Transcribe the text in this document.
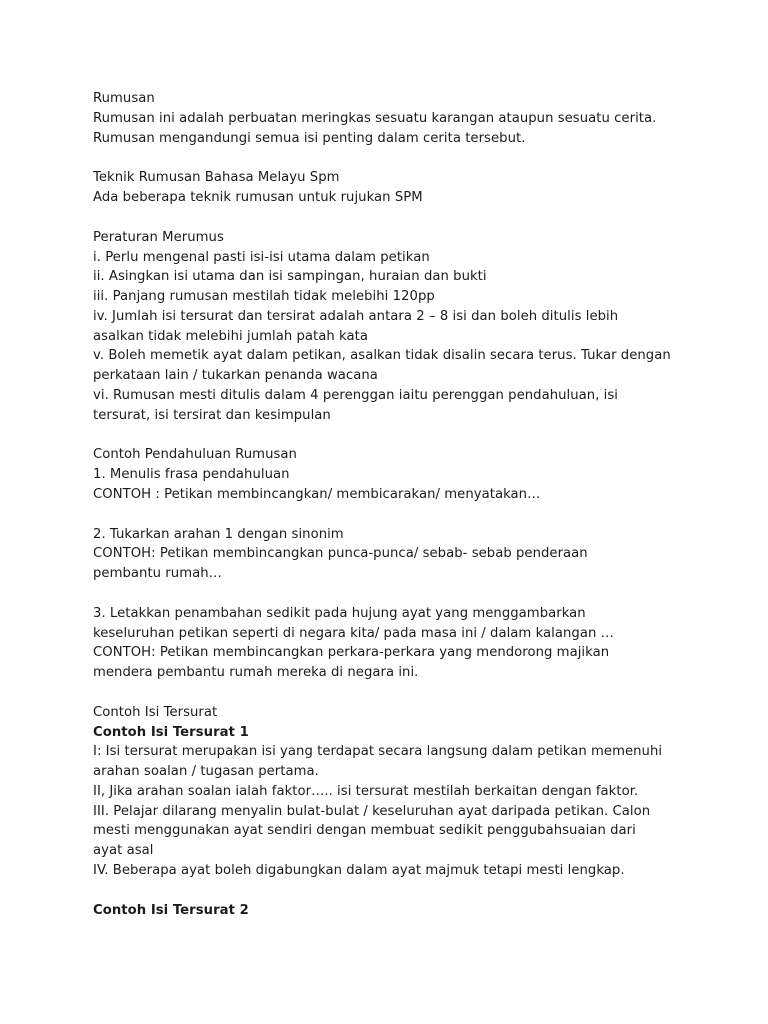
Rumusan
Rumusan ini adalah perbuatan meringkas sesuatu karangan ataupun sesuatu cerita.
Rumusan mengandungi semua isi penting dalam cerita tersebut.
Teknik Rumusan Bahasa Melayu Spm
Ada beberapa teknik rumusan untuk rujukan SPM
Peraturan Merumus
i. Perlu mengenal pasti isi-isi utama dalam petikan
ii. Asingkan isi utama dan isi sampingan, huraian dan bukti
iii. Panjang rumusan mestilah tidak melebihi 120pp
iv. Jumlah isi tersurat dan tersirat adalah antara 2 – 8 isi dan boleh ditulis lebih
asalkan tidak melebihi jumlah patah kata
v. Boleh memetik ayat dalam petikan, asalkan tidak disalin secara terus. Tukar dengan
perkataan lain / tukarkan penanda wacana
vi. Rumusan mesti ditulis dalam 4 perenggan iaitu perenggan pendahuluan, isi
tersurat, isi tersirat dan kesimpulan
Contoh Pendahuluan Rumusan
1. Menulis frasa pendahuluan
CONTOH : Petikan membincangkan/ membicarakan/ menyatakan…
2. Tukarkan arahan 1 dengan sinonim
CONTOH: Petikan membincangkan punca-punca/ sebab- sebab penderaan
pembantu rumah…
3. Letakkan penambahan sedikit pada hujung ayat yang menggambarkan
keseluruhan petikan seperti di negara kita/ pada masa ini / dalam kalangan …
CONTOH: Petikan membincangkan perkara-perkara yang mendorong majikan
mendera pembantu rumah mereka di negara ini.
Contoh Isi Tersurat
Contoh Isi Tersurat 1
I: Isi tersurat merupakan isi yang terdapat secara langsung dalam petikan memenuhi
arahan soalan / tugasan pertama.
II, Jika arahan soalan ialah faktor….. isi tersurat mestilah berkaitan dengan faktor.
III. Pelajar dilarang menyalin bulat-bulat / keseluruhan ayat daripada petikan. Calon
mesti menggunakan ayat sendiri dengan membuat sedikit penggubahsuaian dari
ayat asal
IV. Beberapa ayat boleh digabungkan dalam ayat majmuk tetapi mesti lengkap.
Contoh Isi Tersurat 2
